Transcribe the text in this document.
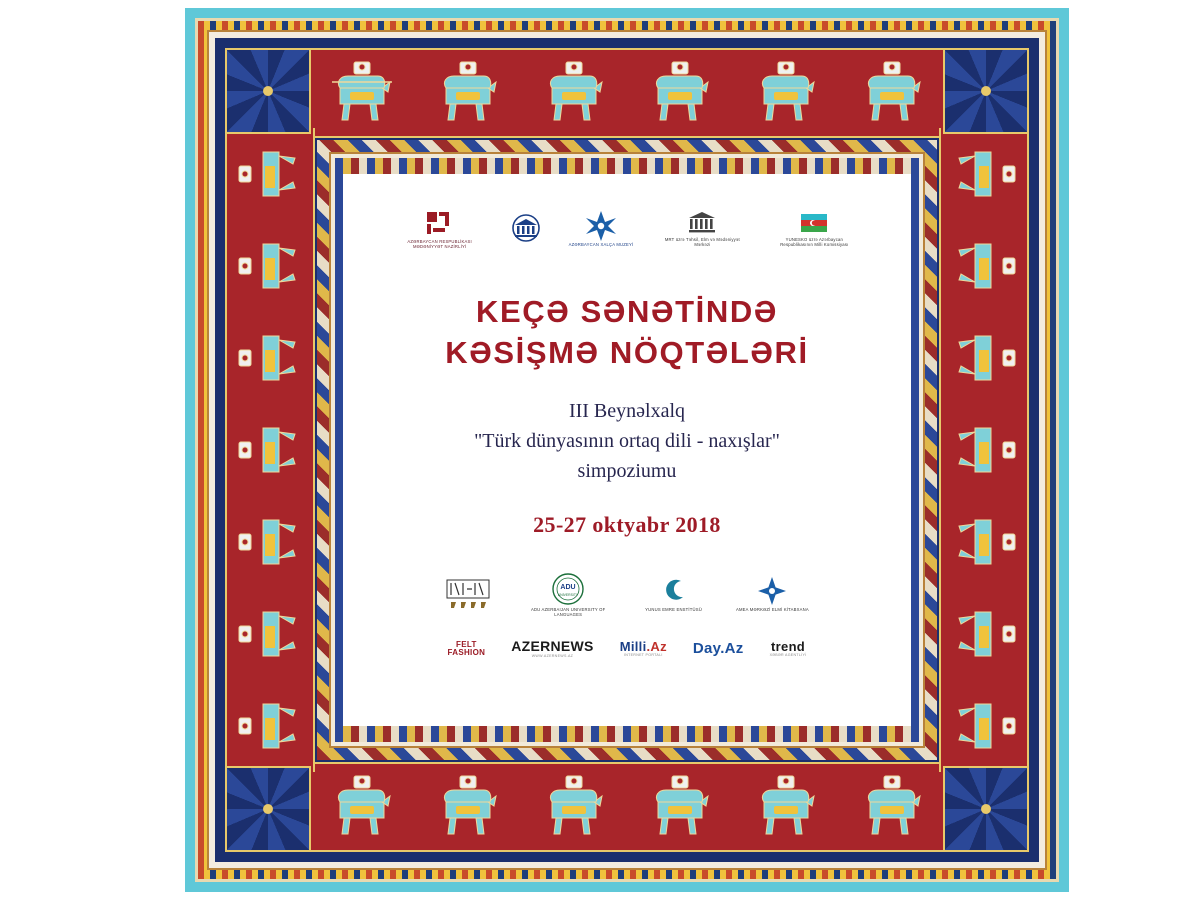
AZƏRBAYCAN RESPUBLİKASI MƏDƏNİYYƏT NAZİRLİYİ	AZƏRBAYCAN XALÇA MUZEYİ
MRT üzrə Təhsil, Elm və Mədəniyyət Mərkəzi
YUNESKO üzrə Azərbaycan Respublikasının Milli Komissiyası
KEÇƏ SƏNƏTİNDƏ
KƏSİŞMƏ NÖQTƏLƏRİ
III Beynəlxalq
"Türk dünyasının ortaq dili - naxışlar"
simpoziumu
25-27 oktyabr 2018
ADU
UNIVERSITY
ADU AZERBAIJAN UNIVERSITY OF LANGUAGES
YUNUS EMRE ENSTİTÜSÜ	AMEA MƏRKƏZİ ELMİ KİTABXANA
FELT
FASHION AZERNEWS
WWW.AZERNEWS.AZ
Milli.Az
INTERNET PORTALI Day.Az trend
XƏBƏR AGENTLİYİ
